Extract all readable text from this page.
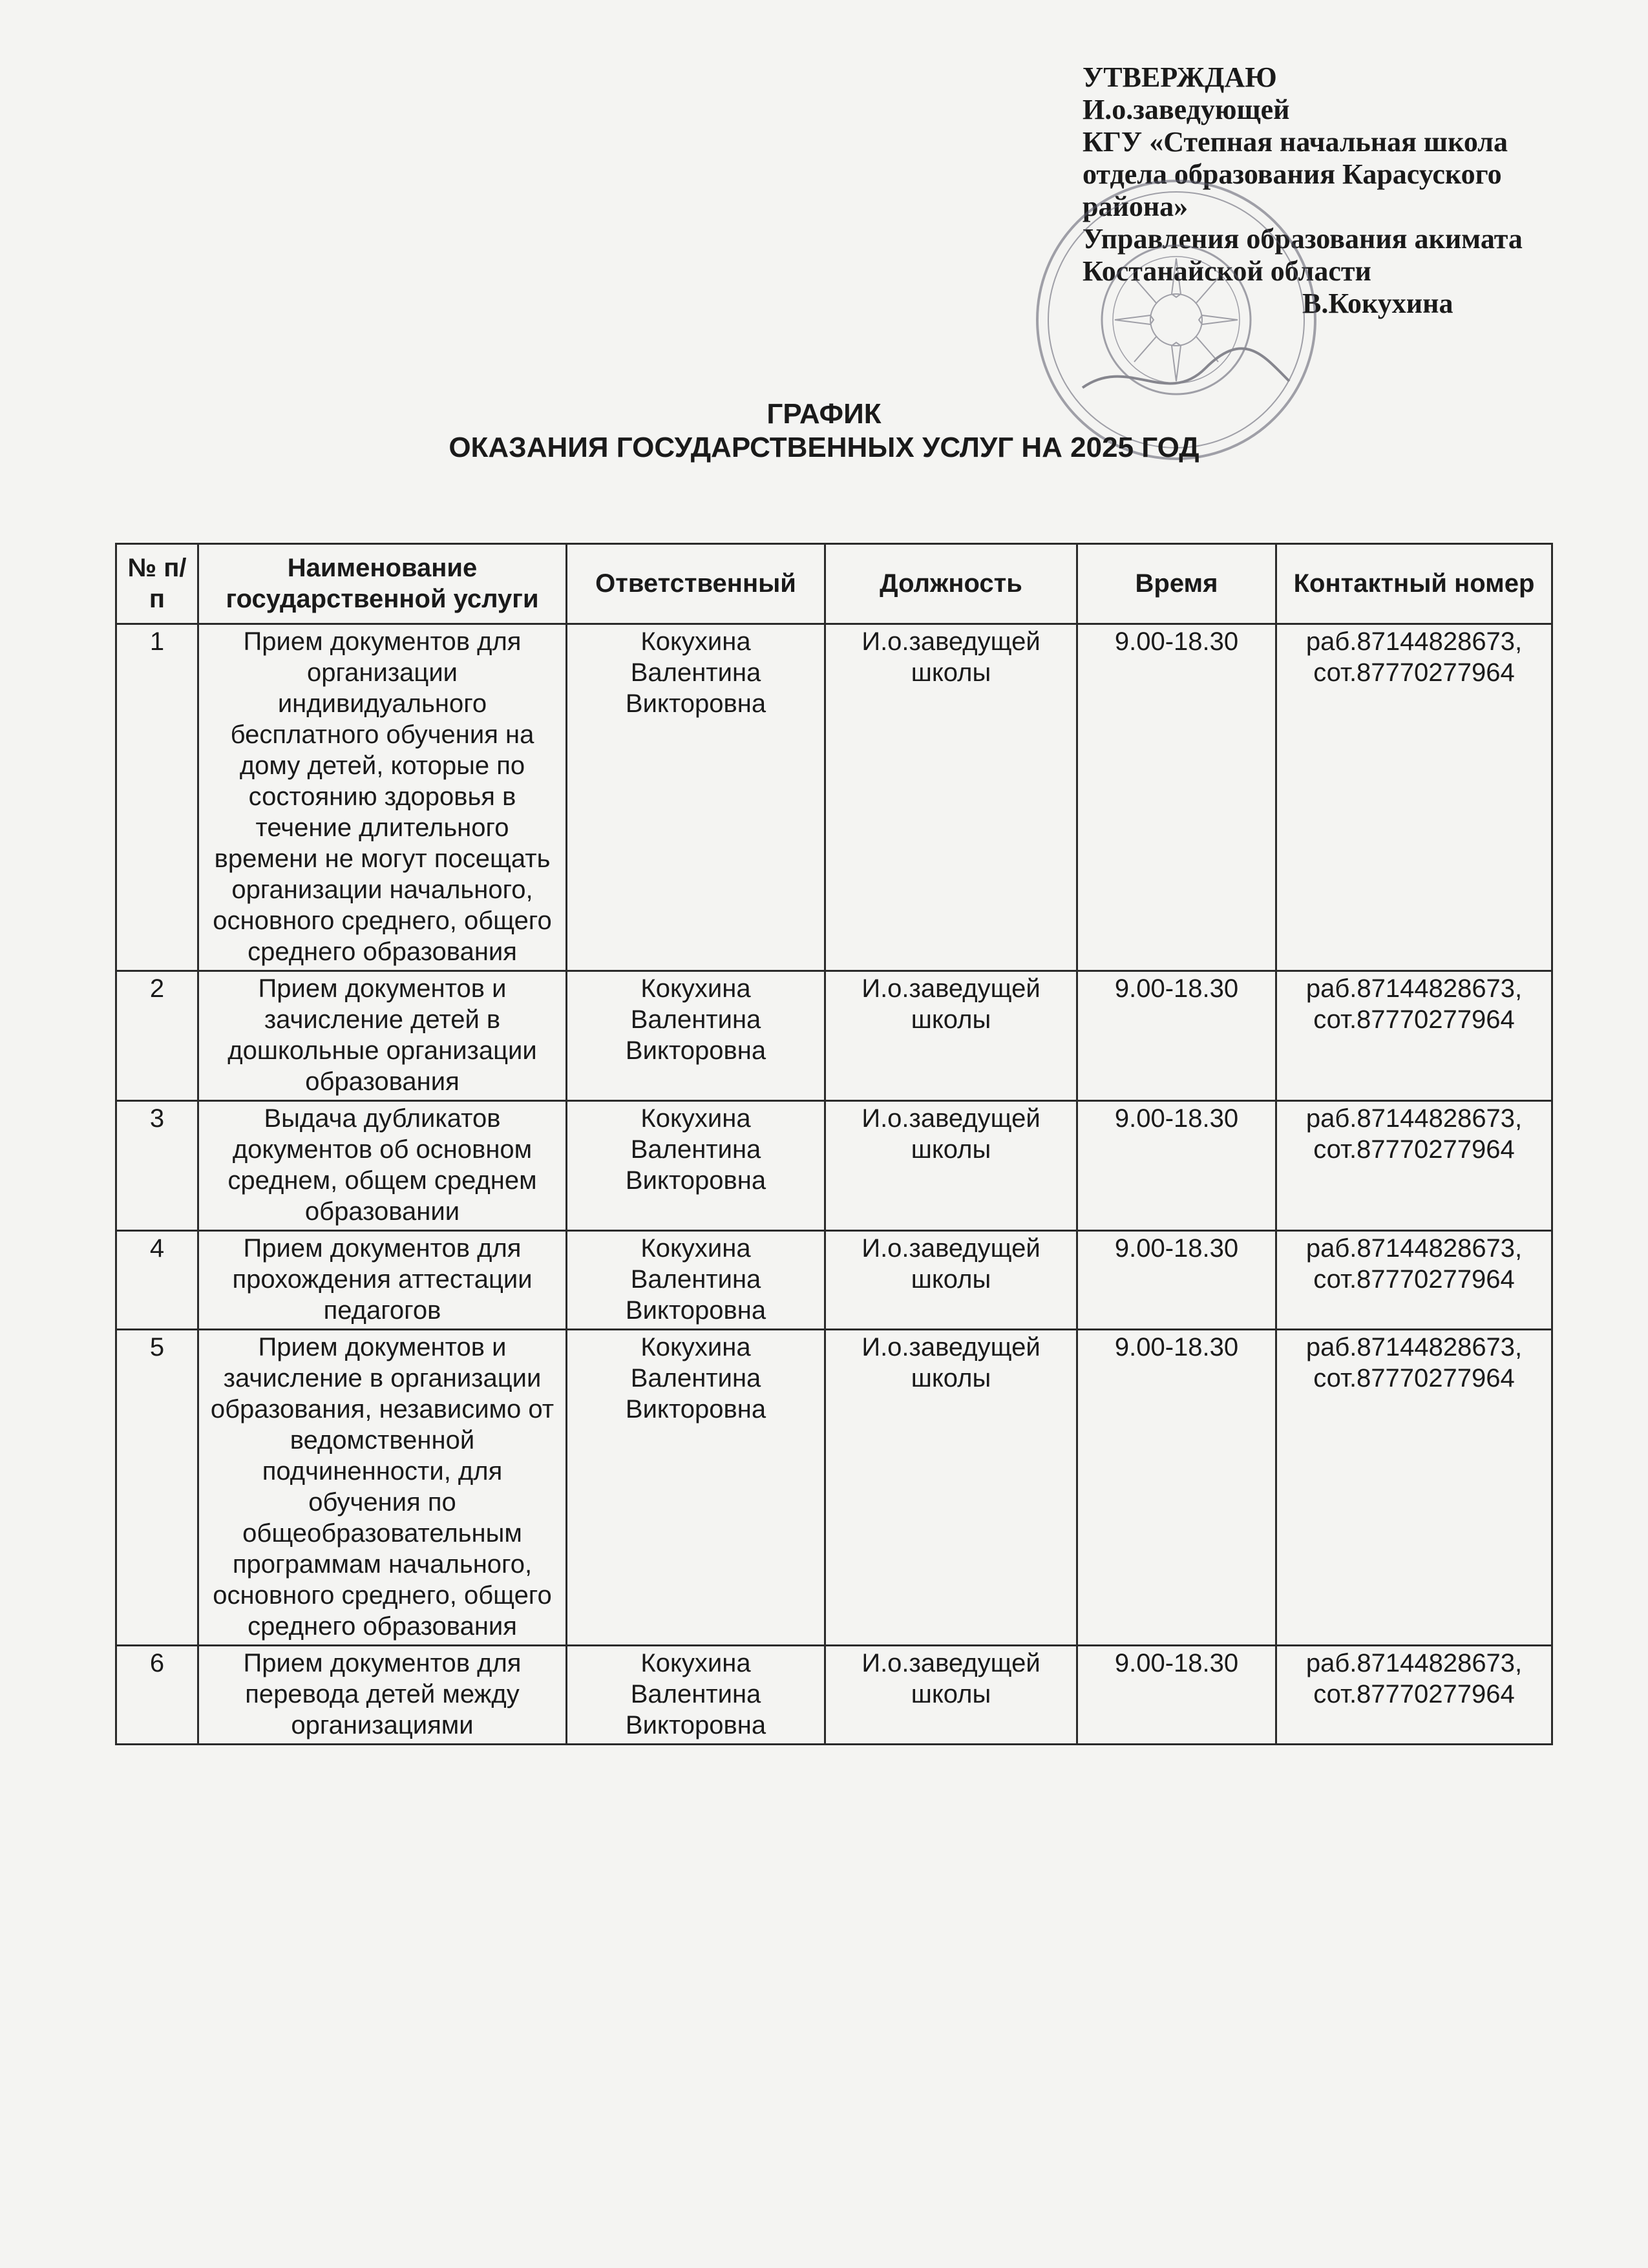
УТВЕРЖДАЮ
И.о.заведующей
КГУ «Степная начальная школа
отдела образования Карасуского
района»
Управления образования акимата
Костанайской области
В.Кокухина
ГРАФИК
ОКАЗАНИЯ ГОСУДАРСТВЕННЫХ УСЛУГ НА 2025 ГОД
№ п/п	Наименование государственной услуги	Ответственный	Должность	Время	Контактный номер
1	Прием документов для организации индивидуального бесплатного обучения на дому детей, которые по состоянию здоровья в течение длительного времени не могут посещать организации начального, основного среднего, общего среднего образования	Кокухина Валентина Викторовна	И.о.заведущей школы	9.00-18.30	раб.87144828673, сот.87770277964
2	Прием документов и зачисление детей в дошкольные организации образования	Кокухина Валентина Викторовна	И.о.заведущей школы	9.00-18.30	раб.87144828673, сот.87770277964
3	Выдача дубликатов документов об основном среднем, общем среднем образовании	Кокухина Валентина Викторовна	И.о.заведущей школы	9.00-18.30	раб.87144828673, сот.87770277964
4	Прием документов для прохождения аттестации педагогов	Кокухина Валентина Викторовна	И.о.заведущей школы	9.00-18.30	раб.87144828673, сот.87770277964
5	Прием документов и зачисление в организации образования, независимо от ведомственной подчиненности, для обучения по общеобразовательным программам начального, основного среднего, общего среднего образования	Кокухина Валентина Викторовна	И.о.заведущей школы	9.00-18.30	раб.87144828673, сот.87770277964
6	Прием документов для перевода детей между организациями	Кокухина Валентина Викторовна	И.о.заведущей школы	9.00-18.30	раб.87144828673, сот.87770277964
